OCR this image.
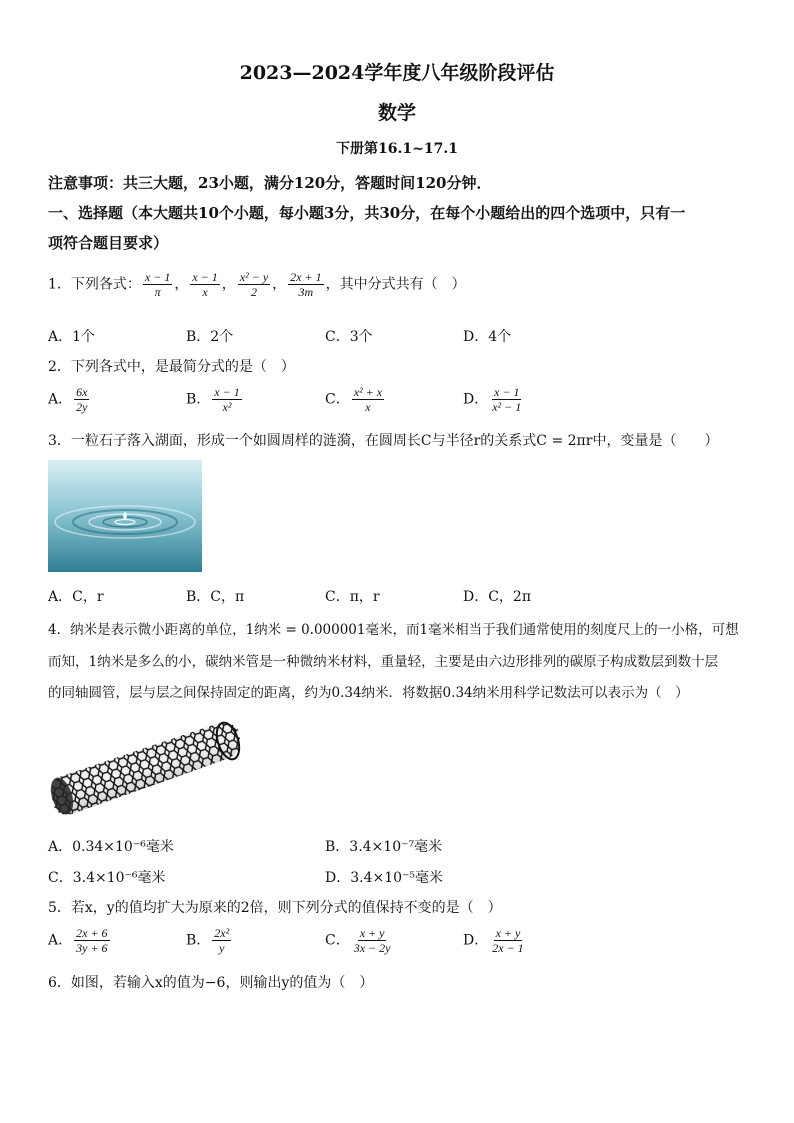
2023—2024学年度八年级阶段评估
数学
下册第16.1~17.1
注意事项：共三大题，23小题，满分120分，答题时间120分钟．
一、选择题（本大题共10个小题，每小题3分，共30分，在每个小题给出的四个选项中，只有一
项符合题目要求）
1．下列各式： $\frac{x - 1}{\pi}$ ， $\frac{x - 1}{x}$ ， $\frac{\text{x² − y}}{2}$ ， $\frac{2x + 1}{3m}$ ，其中分式共有（　）
A．1个	B．2个	C．3个	D．4个
2．下列各式中，是最简分式的是（　）
A． $\frac{6x}{2y}$	B． $\frac{x - 1}{\text{x²}}$	C． $\frac{\text{x² + x}}{x}$	D． $\frac{x - 1}{\text{x² − 1}}$
3．一粒石子落入湖面，形成一个如圆周样的涟漪，在圆周长C与半径r的关系式C = 2πr中，变量是（　　）
A．C，r	B．C，π	C．π，r	D．C，2π
4．纳米是表示微小距离的单位，1纳米 = 0.000001毫米，而1毫米相当于我们通常使用的刻度尺上的一小格，可想
而知，1纳米是多么的小，碳纳米管是一种微纳米材料，重量轻，主要是由六边形排列的碳原子构成数层到数十层
的同轴圆管，层与层之间保持固定的距离，约为0.34纳米．将数据0.34纳米用科学记数法可以表示为（　）
A．0.34×10⁻⁶毫米	B．3.4×10⁻⁷毫米
C．3.4×10⁻⁶毫米	D．3.4×10⁻⁵毫米
5．若x，y的值均扩大为原来的2倍，则下列分式的值保持不变的是（　）
A． $\frac{2x + 6}{3y + 6}$	B． $\frac{\text{2x²}}{y}$	C． $\frac{x + y}{3x - 2y}$	D． $\frac{x + y}{2x - 1}$
6．如图，若输入x的值为−6，则输出y的值为（　）
